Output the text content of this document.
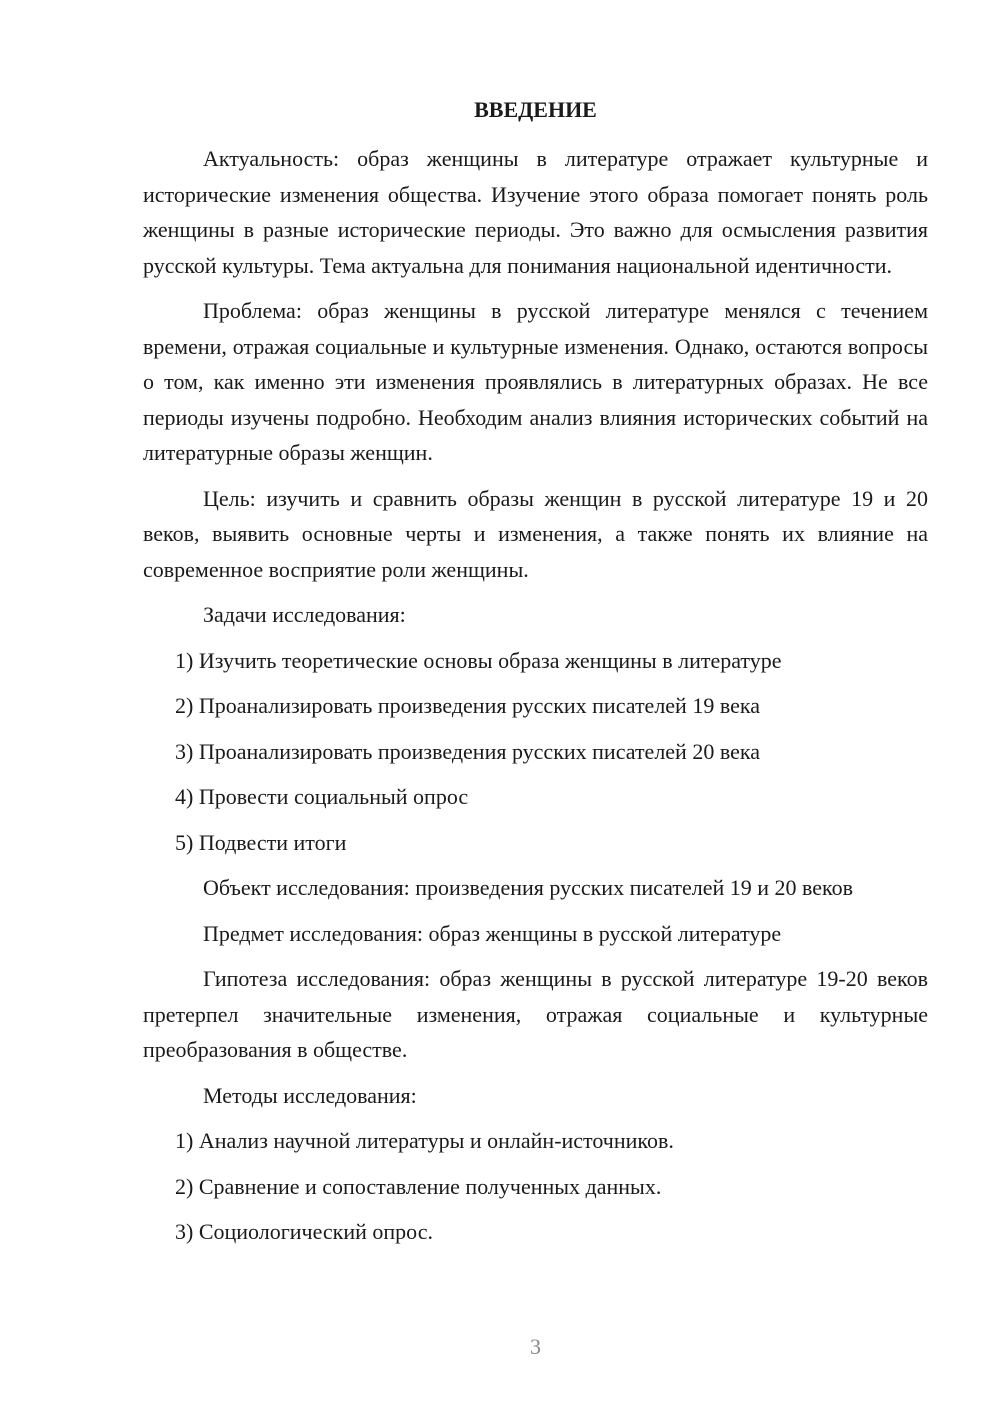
ВВЕДЕНИЕ

Актуальность: образ женщины в литературе отражает культурные и исторические изменения общества. Изучение этого образа помогает понять роль женщины в разные исторические периоды. Это важно для осмысления развития русской культуры. Тема актуальна для понимания национальной идентичности.

Проблема: образ женщины в русской литературе менялся с течением времени, отражая социальные и культурные изменения. Однако, остаются вопросы о том, как именно эти изменения проявлялись в литературных образах. Не все периоды изучены подробно. Необходим анализ влияния исторических событий на литературные образы женщин.

Цель: изучить и сравнить образы женщин в русской литературе 19 и 20 веков, выявить основные черты и изменения, а также понять их влияние на современное восприятие роли женщины.

Задачи исследования:

1) Изучить теоретические основы образа женщины в литературе

2) Проанализировать произведения русских писателей 19 века

3) Проанализировать произведения русских писателей 20 века

4) Провести социальный опрос

5) Подвести итоги

Объект исследования: произведения русских писателей 19 и 20 веков

Предмет исследования: образ женщины в русской литературе

Гипотеза исследования: образ женщины в русской литературе 19-20 веков претерпел значительные изменения, отражая социальные и культурные преобразования в обществе.

Методы исследования:

1) Анализ научной литературы и онлайн-источников.

2) Сравнение и сопоставление полученных данных.

3) Социологический опрос.

3
